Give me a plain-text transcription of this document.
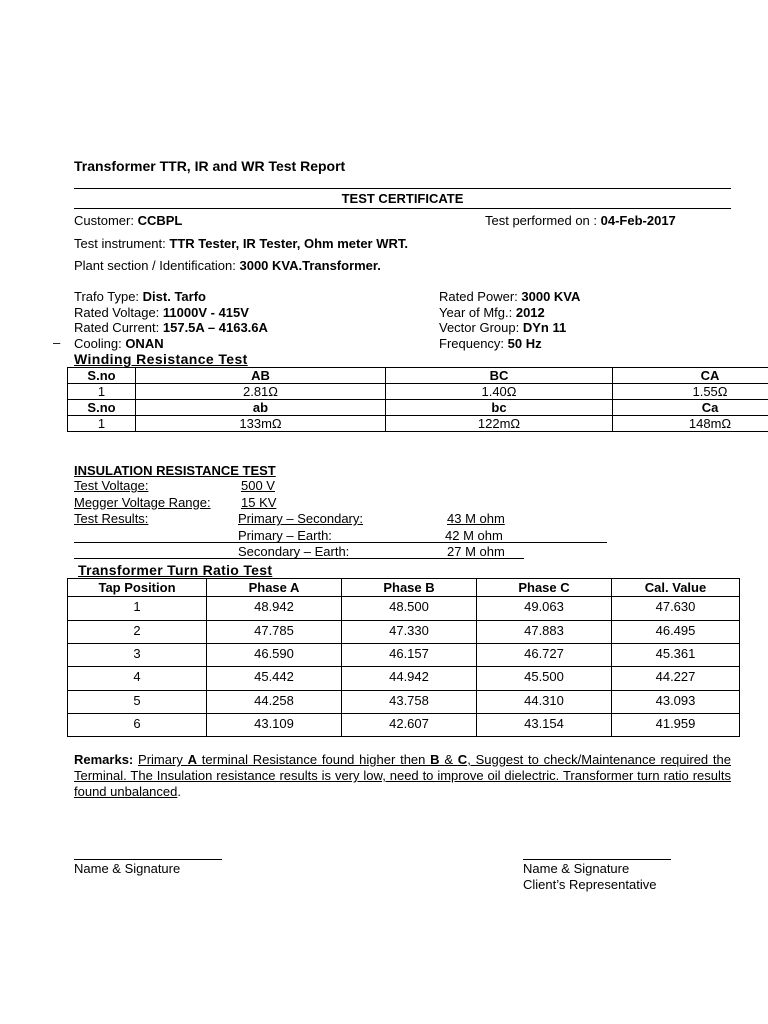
Transformer TTR, IR and WR Test Report
TEST CERTIFICATE
Customer: CCBPL	Test performed on : 04-Feb-2017
Test instrument: TTR Tester, IR Tester, Ohm meter WRT.
Plant section / Identification: 3000 KVA.Transformer.
Trafo Type: Dist. Tarfo
Rated Voltage: 11000V - 415V
Rated Current: 157.5A – 4163.6A
Cooling: ONAN
Rated Power: 3000 KVA
Year of Mfg.: 2012
Vector Group: DYn 11
Frequency: 50 Hz
–
Winding Resistance Test
S.no	AB	BC	CA
1	2.81Ω	1.40Ω	1.55Ω
S.no	ab	bc	Ca
1	133mΩ	122mΩ	148mΩ
INSULATION RESISTANCE TEST
Test Voltage:	500 V
Megger Voltage Range: 15 KV
Test Results:	Primary – Secondary:	43 M ohm
Primary – Earth:	42 M ohm
Secondary – Earth:	27 M ohm
Transformer Turn Ratio Test
Tap Position	Phase A	Phase B	Phase C	Cal. Value
1	48.942	48.500	49.063	47.630
2	47.785	47.330	47.883	46.495
3	46.590	46.157	46.727	45.361
4	45.442	44.942	45.500	44.227
5	44.258	43.758	44.310	43.093
6	43.109	42.607	43.154	41.959
Remarks: Primary A terminal Resistance found higher then B & C, Suggest to check/Maintenance required the Terminal. The Insulation resistance results is very low, need to improve oil dielectric. Transformer turn ratio results found unbalanced.
Name & Signature	Name & Signature
Client’s Representative
